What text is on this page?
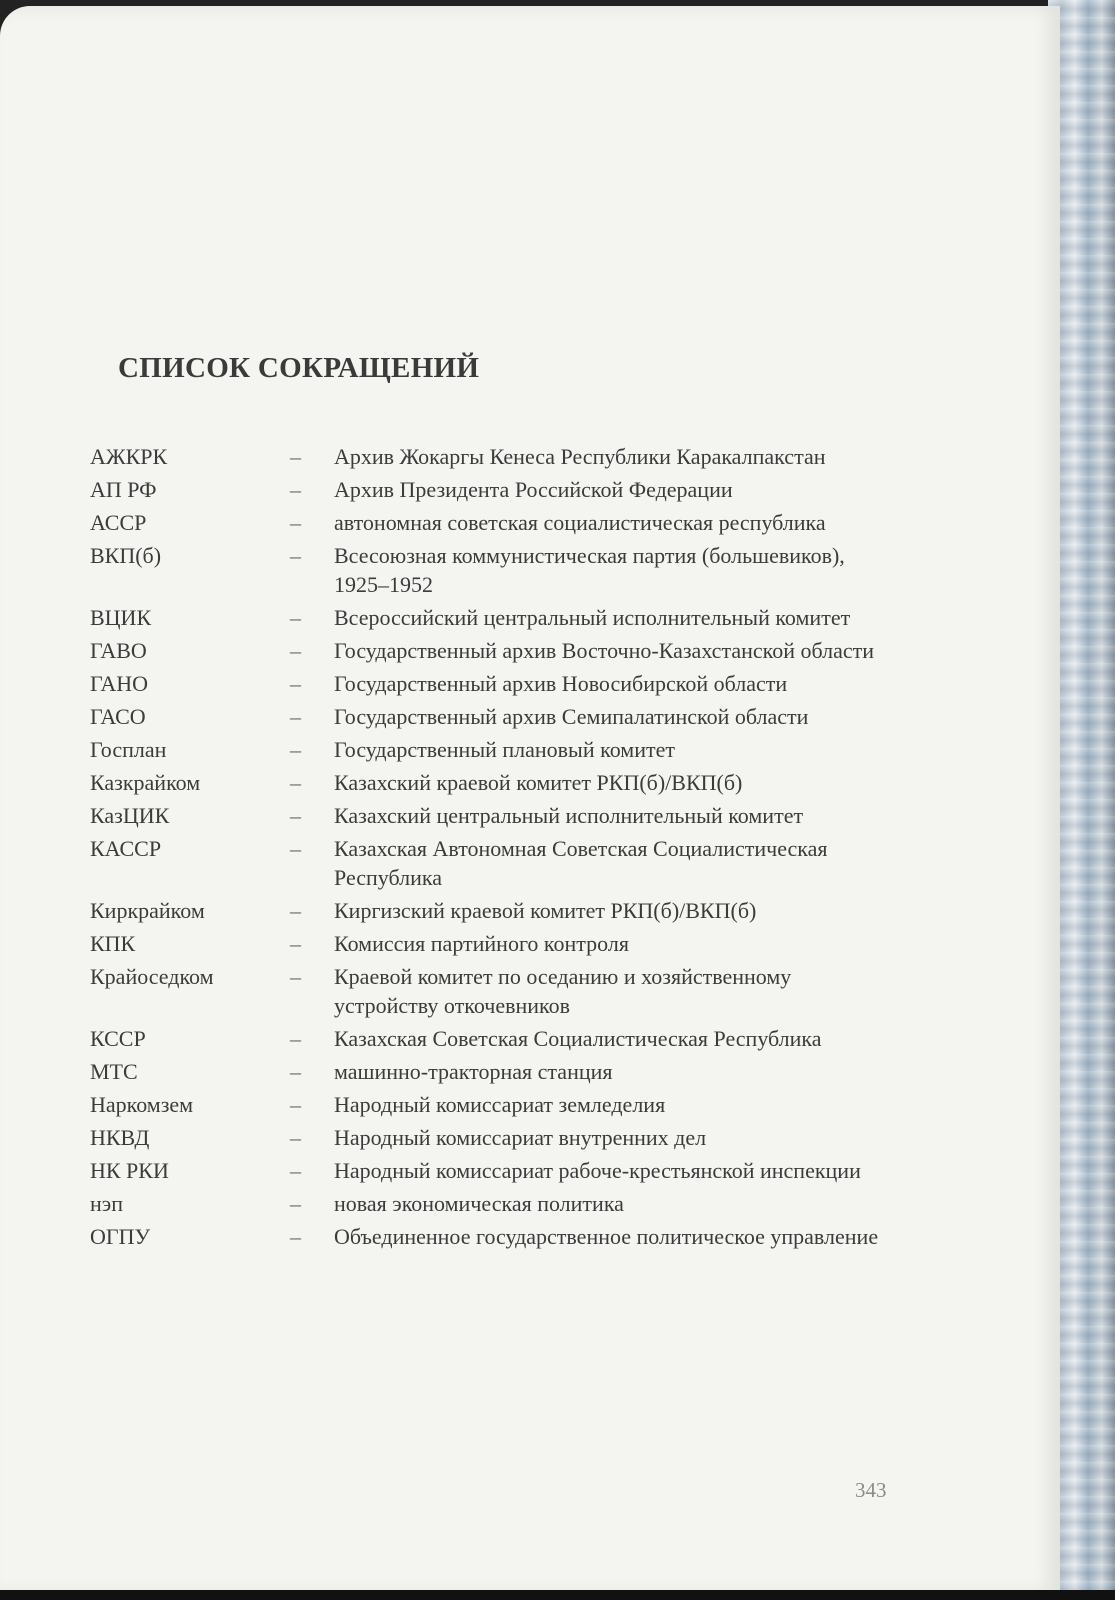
СПИСОК СОКРАЩЕНИЙ
АЖКРК	–	Архив Жокаргы Кенеса Республики Каракалпакстан
АП РФ	–	Архив Президента Российской Федерации
АССР	–	автономная советская социалистическая республика
ВКП(б)	–	Всесоюзная коммунистическая партия (большевиков), 1925–1952
ВЦИК	–	Всероссийский центральный исполнительный комитет
ГАВО	–	Государственный архив Восточно-Казахстанской области
ГАНО	–	Государственный архив Новосибирской области
ГАСО	–	Государственный архив Семипалатинской области
Госплан	–	Государственный плановый комитет
Казкрайком	–	Казахский краевой комитет РКП(б)/ВКП(б)
КазЦИК	–	Казахский центральный исполнительный комитет
КАССР	–	Казахская Автономная Советская Социалистическая Республика
Киркрайком	–	Киргизский краевой комитет РКП(б)/ВКП(б)
КПК	–	Комиссия партийного контроля
Крайоседком	–	Краевой комитет по оседанию и хозяйственному устройству откочевников
КССР	–	Казахская Советская Социалистическая Республика
МТС	–	машинно-тракторная станция
Наркомзем	–	Народный комиссариат земледелия
НКВД	–	Народный комиссариат внутренних дел
НК РКИ	–	Народный комиссариат рабоче-крестьянской инспекции
нэп	–	новая экономическая политика
ОГПУ	–	Объединенное государственное политическое управление
343
